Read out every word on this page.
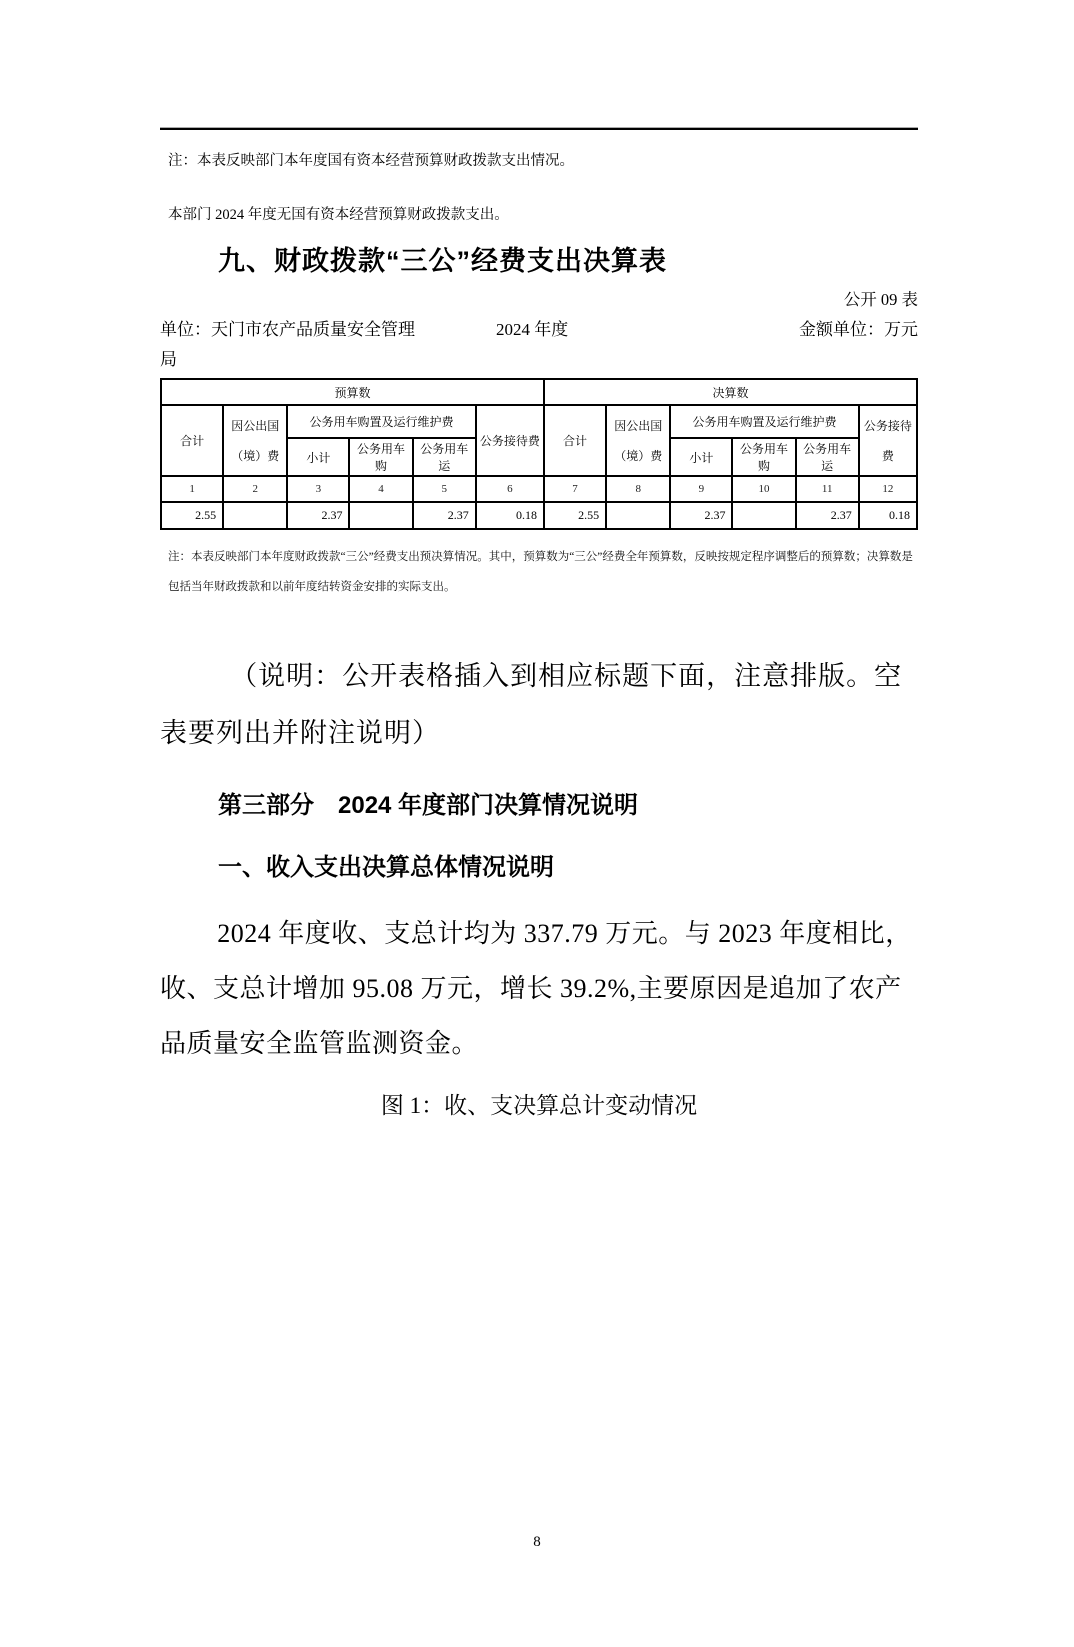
注：本表反映部门本年度国有资本经营预算财政拨款支出情况。

本部门 2024 年度无国有资本经营预算财政拨款支出。

九、财政拨款“三公”经费支出决算表
公开 09 表
单位：天门市农产品质量安全管理
局
2024 年度	金额单位：万元
预算数						决算数					
合计	因公出国（境）费	公务用车购置及运行维护费			公务接待费	合计	因公出国（境）费	公务用车购置及运行维护费			公务接待费
		小计	公务用车购	公务用车运				小计	公务用车购	公务用车运	
1	2	3	4	5	6	7	8	9	10	11	12
2.55		2.37		2.37	0.18	2.55		2.37		2.37	0.18

注：本表反映部门本年度财政拨款“三公”经费支出预决算情况。其中，预算数为“三公”经费全年预算数，反映按规定程序调整后的预算数；决算数是包括当年财政拨款和以前年度结转资金安排的实际支出。

（说明：公开表格插入到相应标题下面，注意排版。空表要列出并附注说明）

第三部分　2024 年度部门决算情况说明
一、收入支出决算总体情况说明

2024 年度收、支总计均为 337.79 万元。与 2023 年度相比，收、支总计增加 95.08 万元，增长 39.2%,主要原因是追加了农产品质量安全监管监测资金。

图 1：收、支决算总计变动情况

8
